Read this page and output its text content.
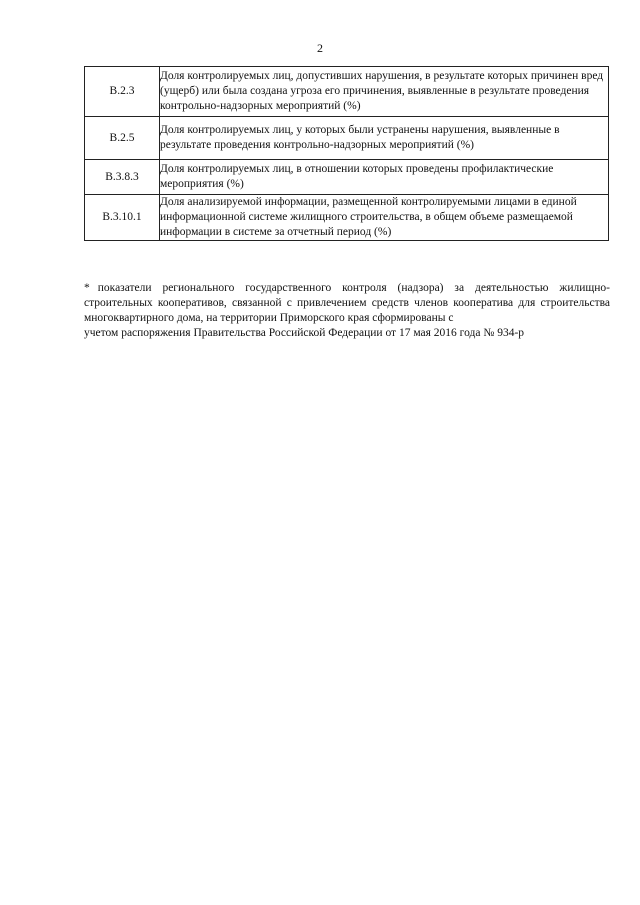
2
В.2.3	Доля контролируемых лиц, допустивших нарушения, в результате которых причинен вред (ущерб) или была создана угроза его причинения, выявленные в результате проведения контрольно-надзорных мероприятий (%)
В.2.5	Доля контролируемых лиц, у которых были устранены нарушения, выявленные в результате проведения контрольно-надзорных мероприятий (%)
В.3.8.3	Доля контролируемых лиц, в отношении которых проведены профилактические мероприятия (%)
В.3.10.1	Доля анализируемой информации, размещенной контролируемыми лицами в единой информационной системе жилищного строительства, в общем объеме размещаемой информации в системе за отчетный период (%)
* показатели регионального государственного контроля (надзора) за деятельностью жилищно-строительных кооперативов, связанной с привлечением средств членов кооператива для строительства многоквартирного дома, на территории Приморского края сформированы с
учетом распоряжения Правительства Российской Федерации от 17 мая 2016 года № 934-р
